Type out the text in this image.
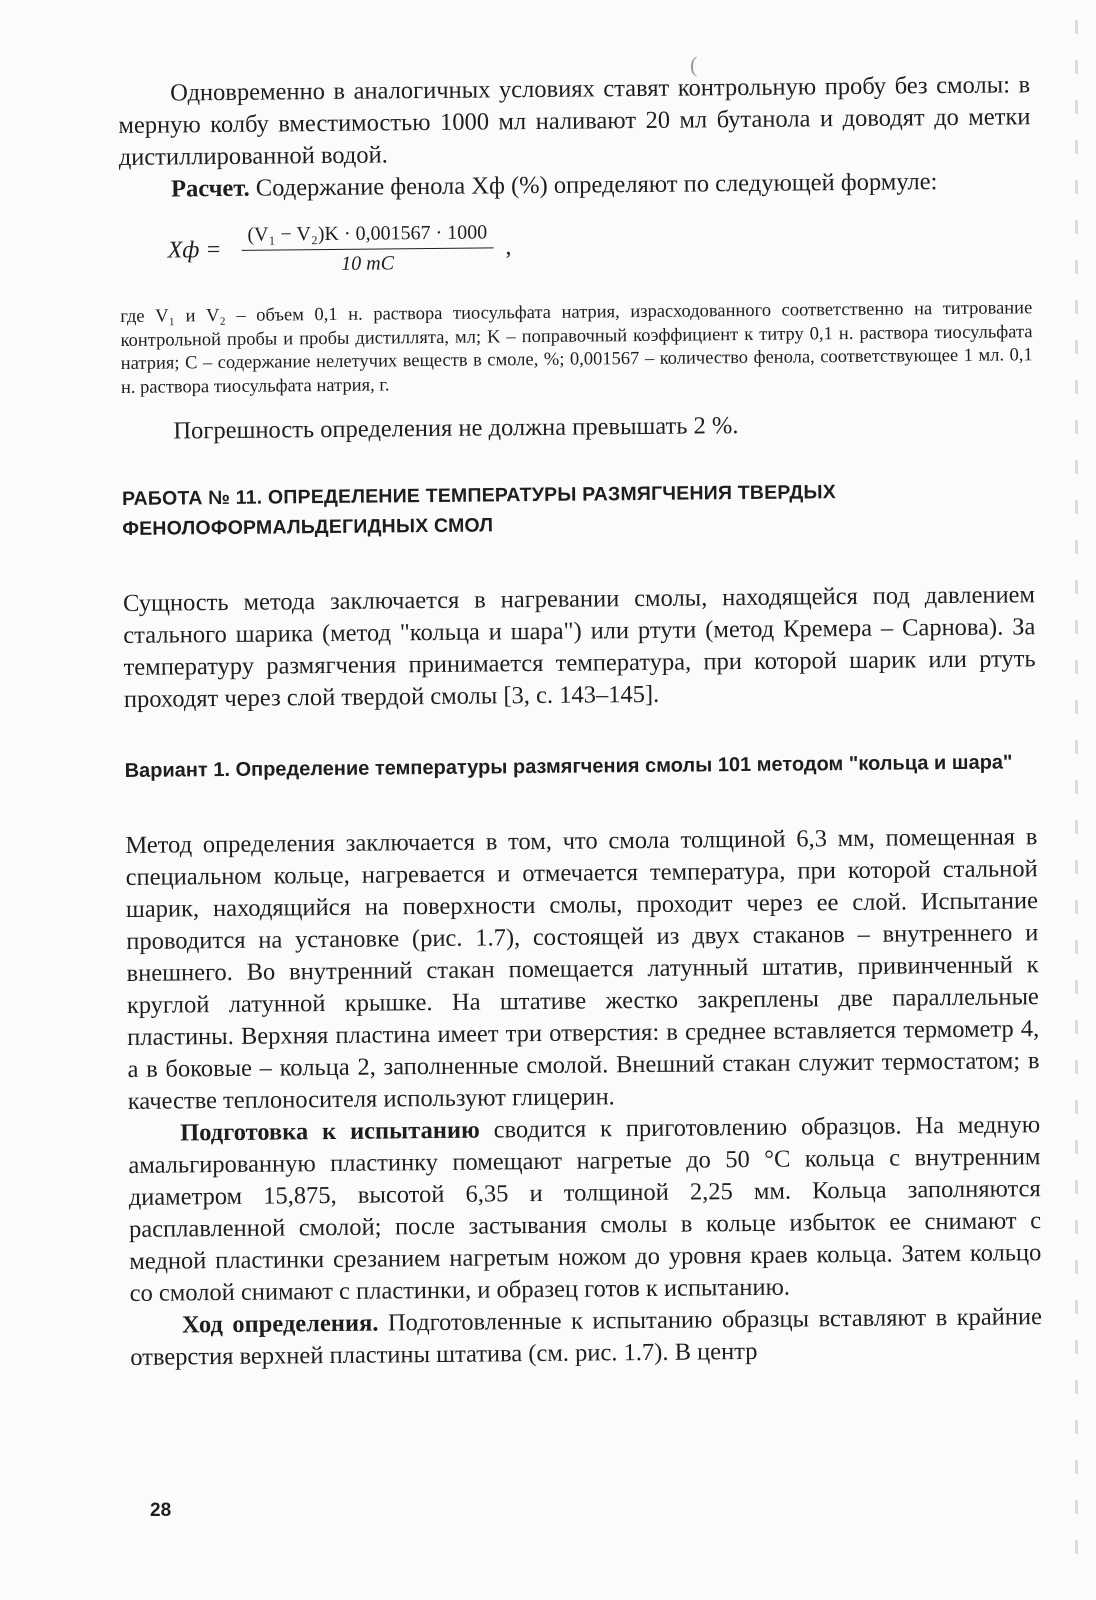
(

Одновременно в аналогичных условиях ставят контрольную пробу без смолы: в мерную колбу вместимостью 1000 мл наливают 20 мл бутанола и доводят до метки дистиллированной водой.

Расчет. Содержание фенола Xф (%) определяют по следующей формуле:

Xф = $\frac{\text{(V₁ − V₂)K · 0,001567 · 1000}}{10 mC}$ ,

где V₁ и V₂ – объем 0,1 н. раствора тиосульфата натрия, израсходованного соответственно на титрование контрольной пробы и пробы дистиллята, мл; K – поправочный коэффициент к титру 0,1 н. раствора тиосульфата натрия; C – содержание нелетучих веществ в смоле, %; 0,001567 – количество фенола, соответствующее 1 мл. 0,1 н. раствора тиосульфата натрия, г.

Погрешность определения не должна превышать 2 %.

РАБОТА № 11. ОПРЕДЕЛЕНИЕ ТЕМПЕРАТУРЫ РАЗМЯГЧЕНИЯ ТВЕРДЫХ ФЕНОЛОФОРМАЛЬДЕГИДНЫХ СМОЛ

Сущность метода заключается в нагревании смолы, находящейся под давлением стального шарика (метод "кольца и шара") или ртути (метод Кремера – Сарнова). За температуру размягчения принимается температура, при которой шарик или ртуть проходят через слой твердой смолы [3, с. 143–145].

Вариант 1. Определение температуры размягчения смолы 101 методом "кольца и шара"

Метод определения заключается в том, что смола толщиной 6,3 мм, помещенная в специальном кольце, нагревается и отмечается температура, при которой стальной шарик, находящийся на поверхности смолы, проходит через ее слой. Испытание проводится на установке (рис. 1.7), состоящей из двух стаканов – внутреннего и внешнего. Во внутренний стакан помещается латунный штатив, привинченный к круглой латунной крышке. На штативе жестко закреплены две параллельные пластины. Верхняя пластина имеет три отверстия: в среднее вставляется термометр 4, а в боковые – кольца 2, заполненные смолой. Внешний стакан служит термостатом; в качестве теплоносителя используют глицерин.

Подготовка к испытанию сводится к приготовлению образцов. На медную амальгированную пластинку помещают нагретые до 50 °С кольца с внутренним диаметром 15,875, высотой 6,35 и толщиной 2,25 мм. Кольца заполняются расплавленной смолой; после застывания смолы в кольце избыток ее снимают с медной пластинки срезанием нагретым ножом до уровня краев кольца. Затем кольцо со смолой снимают с пластинки, и образец готов к испытанию.

Ход определения. Подготовленные к испытанию образцы вставляют в крайние отверстия верхней пластины штатива (см. рис. 1.7). В центр

28
